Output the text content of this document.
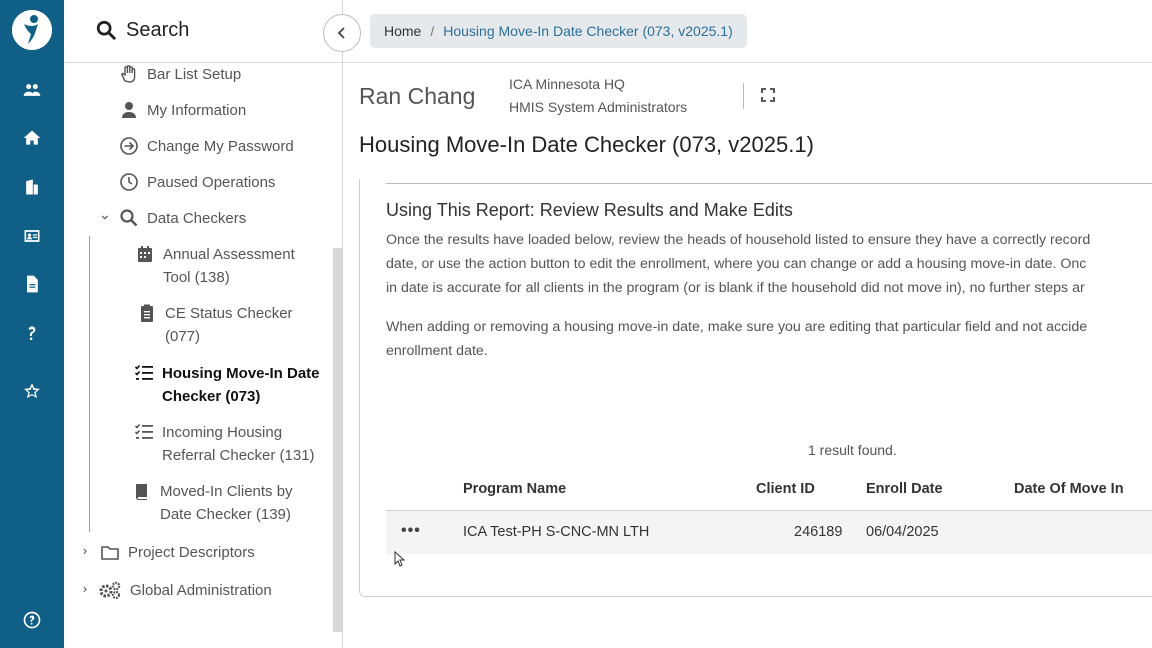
Search
Bar List Setup
My Information
Change My Password
Paused Operations
Data Checkers
Annual Assessment
Tool (138)
CE Status Checker
(077)
Housing Move-In Date
Checker (073)
Incoming Housing
Referral Checker (131)
Moved-In Clients by
Date Checker (139)
Project Descriptors
Global Administration
Home / Housing Move-In Date Checker (073, v2025.1)
Ran Chang ICA Minnesota HQ
HMIS System Administrators
Housing Move-In Date Checker (073, v2025.1)
Using This Report: Review Results and Make Edits
Once the results have loaded below, review the heads of household listed to ensure they have a correctly record
date, or use the action button to edit the enrollment, where you can change or add a housing move-in date. Onc
in date is accurate for all clients in the program (or is blank if the household did not move in), no further steps ar
When adding or removing a housing move-in date, make sure you are editing that particular field and not accide
enrollment date.
1 result found.
Program Name	Client ID	Enroll Date	Date Of Move In
•••	ICA Test-PH S-CNC-MN LTH	246189 06/04/2025
